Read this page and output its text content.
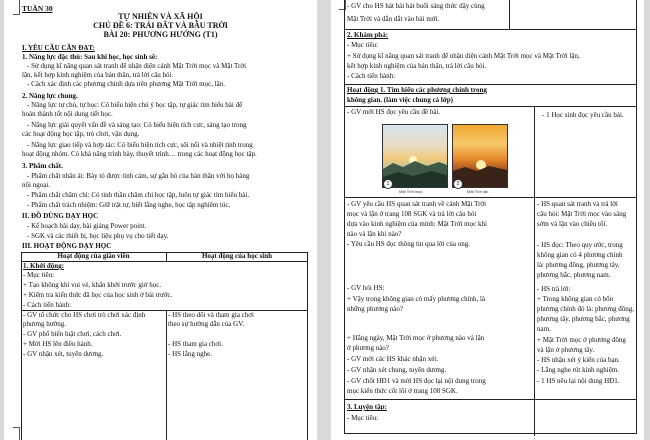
TUẦN 30
TỰ NHIÊN VÀ XÃ HỘI
CHỦ ĐỀ 6: TRÁI ĐẤT VÀ BẦU TRỜI
BÀI 20: PHƯƠNG HƯỚNG (T1)
I. YÊU CẦU CẦN ĐẠT:
1. Năng lực đặc thù: Sau khi học, học sinh sẽ:
- Sử dụng kĩ năng quan sát tranh để nhận diện cảnh Mặt Trời mọc và Mặt Trời
lặn, kết hợp kinh nghiệm của bản thân, trả lời câu hỏi.
- Cách xác định các phương chính dựa trên phương Mặt Trời mọc, lặn.
2. Năng lực chung.
- Năng lực tự chủ, tự học: Có biểu hiện chú ý học tập, tự giác tìm hiểu bài để
hoàn thành tốt nội dung tiết học.
- Năng lực giải quyết vấn đề và sáng tạo: Có biểu hiện tích cực, sáng tạo trong
các hoạt động học tập, trò chơi, vận dụng.
- Năng lực giao tiếp và hợp tác: Có biểu hiện tích cực, sôi nổi và nhiệt tình trong
hoạt động nhóm. Có khả năng trình bày, thuyết trình… trong các hoạt động học tập.
3. Phẩm chất.
- Phẩm chất nhân ái: Bày tỏ được tình cảm, sự gắn bó của bản thân với họ hàng
nội ngoại.
- Phẩm chất chăm chỉ: Có tinh thần chăm chỉ học tập, luôn tự giác tìm hiểu bài.
- Phẩm chất trách nhiệm: Giữ trật tự, biết lắng nghe, học tập nghiêm túc.
II. ĐỒ DÙNG DẠY HỌC
- Kế hoạch bài dạy, bài giảng Power point.
- SGK và các thiết bị, học liệu phụ vụ cho tiết dạy.
III. HOẠT ĐỘNG DẠY HỌC
Hoạt động của giáo viên	Hoạt động của học sinh
1. Khởi động:
- Mục tiêu:
+ Tạo không khí vui vẻ, khấn khởi trước giờ học.
+ Kiểm tra kiến thức đã học của học sinh ở bài trước.
- Cách tiến hành:
- GV tổ chức cho HS chơi trò chơi xác định
phương hướng.
- GV phổ biến luật chơi, cách chơi.
+ Mời HS lên điều hành.
- GV nhận xét, tuyên dương.
- HS theo dõi và tham gia chơi
theo sự hướng dẫn của GV.
- HS tham gia chơi.
- HS lắng nghe.
- GV cho HS hát bài hát buổi sáng thức dậy cùng
Mặt Trời và dẫn dắt vào bài mới.
2. Khám phá:
- Mục tiêu:
+ Sử dụng kĩ năng quan sát tranh để nhận diện cảnh Mặt Trời mọc và Mặt Trời lặn,
kết hợp kinh nghiệm của bản thân, trả lời câu hỏi.
- Cách tiến hành:
Hoạt động 1. Tìm hiểu các phương chính trong
không gian. (làm việc chung cả lớp)
- GV mời HS đọc yêu cầu đề bài.	- 1 Học sinh đọc yêu cầu bài.
1
Mặt Trời mọc
2
Mặt Trời lặn
- GV yêu cầu HS quan sát tranh về cảnh Mặt Trời
mọc và lặn ở trang 108 SGK và trả lời câu hỏi
dựa vào kinh nghiệm của mình: Mặt Trời mọc khi
nào và lặn khi nào?
- Yêu cầu HS đọc thông tin qua lời của ong.
- HS quan sát tranh và trả lời
câu hỏi: Mặt Trời mọc vào sáng
sớm và lặn vào chiều tối.
- HS đọc: Theo quy ước, trong
không gian có 4 phương chính
là: phương đông, phương tây,
phương bắc, phương nam.
- GV hỏi HS:
+ Vậy trong không gian có mấy phương chính, là
những phương nào?
+ Hằng ngày, Mặt Trời mọc ở phương nào và lặn
ở phương nào?
- GV mời các HS khác nhận xét.
- GV nhận xét chung, tuyên dương.
- GV chốt HĐ1 và mời HS đọc lại nội dung trong
mục kiến thức cốt lõi ở trang 108 SGK.
- HS trả lời:
+ Trong không gian có bốn
phương chính đó là: phương đông,
phương tây, phương bắc, phương
nam.
+ Mặt Trời mọc ở phương đông
và lặn ở phương tây.
- HS nhận xét ý kiến của bạn.
- Lắng nghe rút kinh nghiệm.
- 1 HS nêu lại nội dung HĐ1.
3. Luyện tập:
- Mục tiêu:
